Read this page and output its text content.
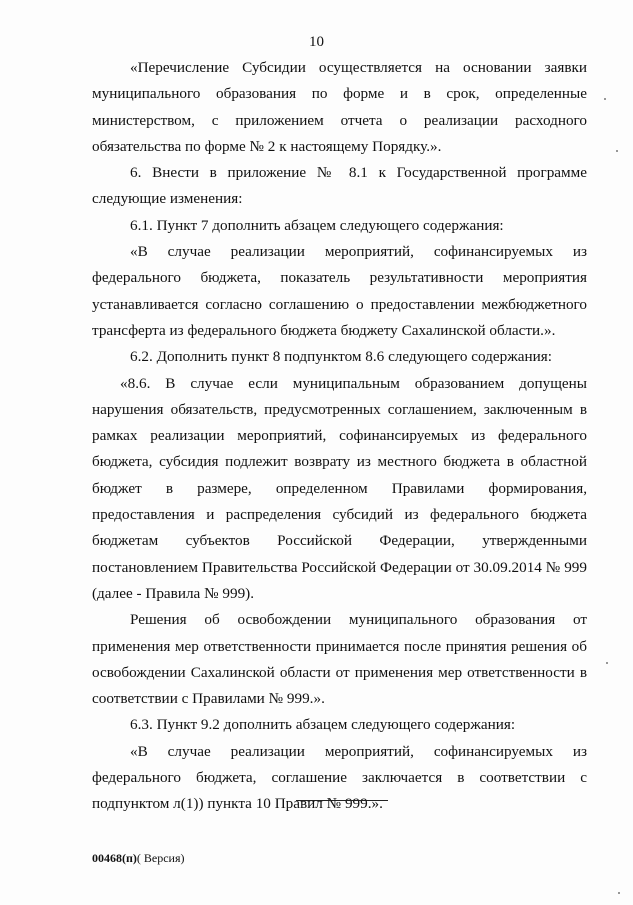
10

«Перечисление Субсидии осуществляется на основании заявки муниципального образования по форме и в срок, определенные министерством, с приложением отчета о реализации расходного обязательства по форме № 2 к настоящему Порядку.».

6. Внести в приложение № 8.1 к Государственной программе следующие изменения:

6.1. Пункт 7 дополнить абзацем следующего содержания:

«В случае реализации мероприятий, софинансируемых из федерального бюджета, показатель результативности мероприятия устанавливается согласно соглашению о предоставлении межбюджетного трансферта из федерального бюджета бюджету Сахалинской области.».

6.2. Дополнить пункт 8 подпунктом 8.6 следующего содержания:

«8.6. В случае если муниципальным образованием допущены нарушения обязательств, предусмотренных соглашением, заключенным в рамках реализации мероприятий, софинансируемых из федерального бюджета, субсидия подлежит возврату из местного бюджета в областной бюджет в размере, определенном Правилами формирования, предоставления и распределения субсидий из федерального бюджета бюджетам субъектов Российской Федерации, утвержденными постановлением Правительства Российской Федерации от 30.09.2014 № 999 (далее - Правила № 999).

Решения об освобождении муниципального образования от применения мер ответственности принимается после принятия решения об освобождении Сахалинской области от применения мер ответственности в соответствии с Правилами № 999.».

6.3. Пункт 9.2 дополнить абзацем следующего содержания:

«В случае реализации мероприятий, софинансируемых из федерального бюджета, соглашение заключается в соответствии с подпунктом л(1)) пункта 10 Правил № 999.».

00468(п)( Версия)
